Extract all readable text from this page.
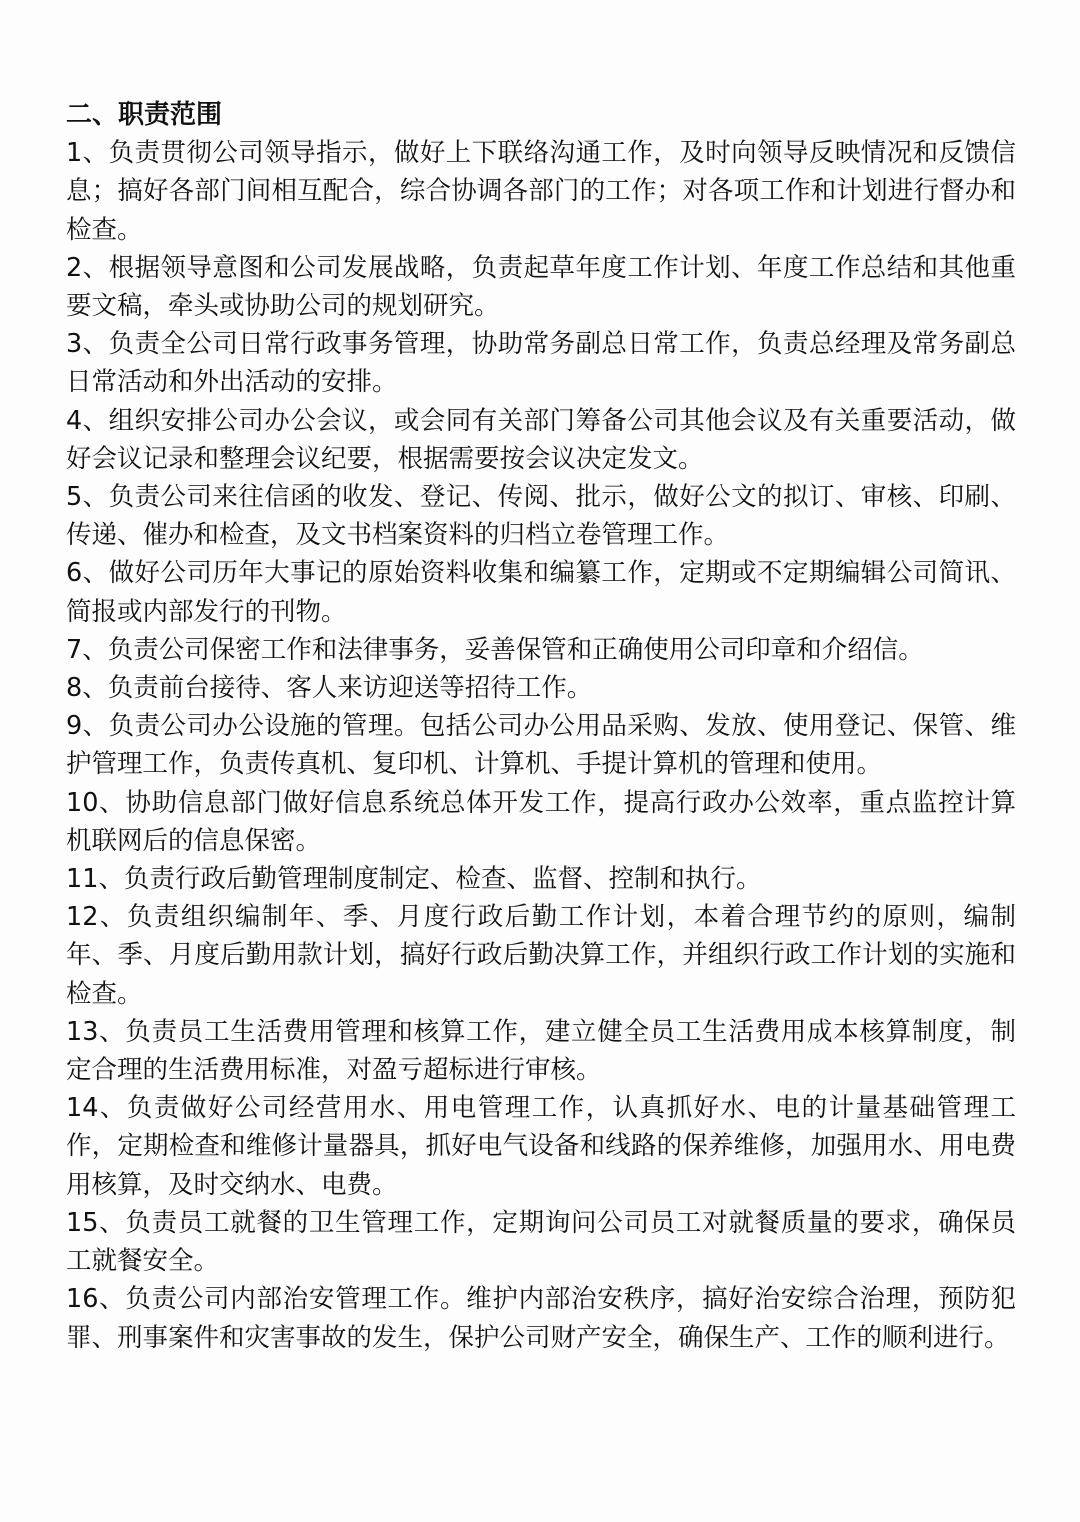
二、职责范围

1、负责贯彻公司领导指示，做好上下联络沟通工作，及时向领导反映情况和反馈信息；搞好各部门间相互配合，综合协调各部门的工作；对各项工作和计划进行督办和检查。

2、根据领导意图和公司发展战略，负责起草年度工作计划、年度工作总结和其他重要文稿，牵头或协助公司的规划研究。

3、负责全公司日常行政事务管理，协助常务副总日常工作，负责总经理及常务副总日常活动和外出活动的安排。

4、组织安排公司办公会议，或会同有关部门筹备公司其他会议及有关重要活动，做好会议记录和整理会议纪要，根据需要按会议决定发文。

5、负责公司来往信函的收发、登记、传阅、批示，做好公文的拟订、审核、印刷、传递、催办和检查，及文书档案资料的归档立卷管理工作。

6、做好公司历年大事记的原始资料收集和编纂工作，定期或不定期编辑公司简讯、简报或内部发行的刊物。

7、负责公司保密工作和法律事务，妥善保管和正确使用公司印章和介绍信。

8、负责前台接待、客人来访迎送等招待工作。

9、负责公司办公设施的管理。包括公司办公用品采购、发放、使用登记、保管、维护管理工作，负责传真机、复印机、计算机、手提计算机的管理和使用。

10、协助信息部门做好信息系统总体开发工作，提高行政办公效率，重点监控计算机联网后的信息保密。

11、负责行政后勤管理制度制定、检查、监督、控制和执行。

12、负责组织编制年、季、月度行政后勤工作计划，本着合理节约的原则，编制年、季、月度后勤用款计划，搞好行政后勤决算工作，并组织行政工作计划的实施和检查。

13、负责员工生活费用管理和核算工作，建立健全员工生活费用成本核算制度，制定合理的生活费用标准，对盈亏超标进行审核。

14、负责做好公司经营用水、用电管理工作，认真抓好水、电的计量基础管理工作，定期检查和维修计量器具，抓好电气设备和线路的保养维修，加强用水、用电费用核算，及时交纳水、电费。

15、负责员工就餐的卫生管理工作，定期询问公司员工对就餐质量的要求，确保员工就餐安全。

16、负责公司内部治安管理工作。维护内部治安秩序，搞好治安综合治理，预防犯罪、刑事案件和灾害事故的发生，保护公司财产安全，确保生产、工作的顺利进行。
